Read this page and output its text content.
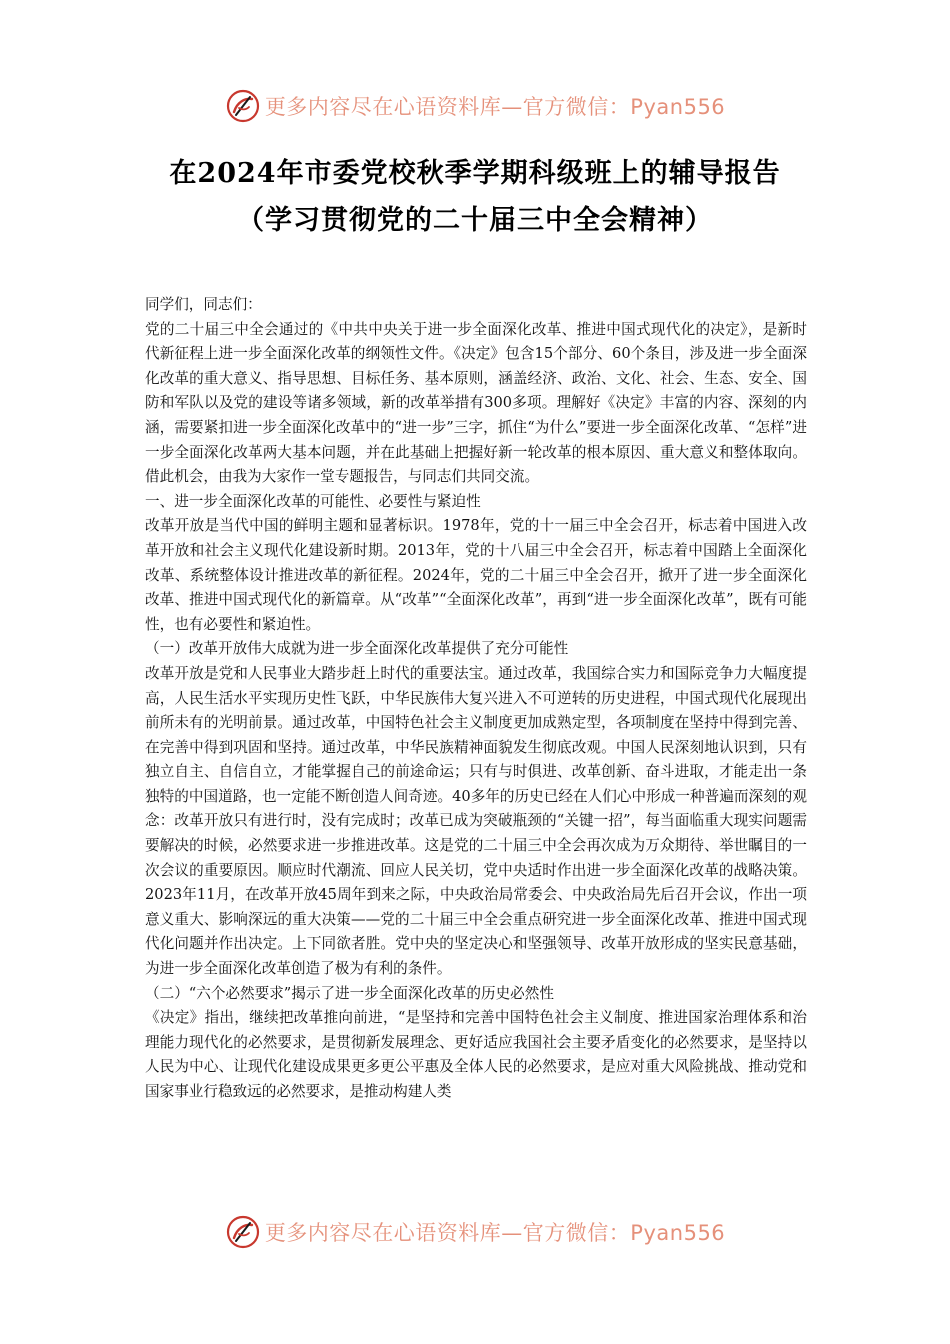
更多内容尽在心语资料库—官方微信：Pyan556
在2024年市委党校秋季学期科级班上的辅导报告
（学习贯彻党的二十届三中全会精神）

同学们，同志们：

党的二十届三中全会通过的《中共中央关于进一步全面深化改革、推进中国式现代化的决定》，是新时代新征程上进一步全面深化改革的纲领性文件。《决定》包含15个部分、60个条目，涉及进一步全面深化改革的重大意义、指导思想、目标任务、基本原则，涵盖经济、政治、文化、社会、生态、安全、国防和军队以及党的建设等诸多领域，新的改革举措有300多项。理解好《决定》丰富的内容、深刻的内涵，需要紧扣进一步全面深化改革中的“进一步”三字，抓住“为什么”要进一步全面深化改革、“怎样”进一步全面深化改革两大基本问题，并在此基础上把握好新一轮改革的根本原因、重大意义和整体取向。借此机会，由我为大家作一堂专题报告，与同志们共同交流。

一、进一步全面深化改革的可能性、必要性与紧迫性

改革开放是当代中国的鲜明主题和显著标识。1978年，党的十一届三中全会召开，标志着中国进入改革开放和社会主义现代化建设新时期。2013年，党的十八届三中全会召开，标志着中国踏上全面深化改革、系统整体设计推进改革的新征程。2024年，党的二十届三中全会召开，掀开了进一步全面深化改革、推进中国式现代化的新篇章。从“改革”“全面深化改革”，再到“进一步全面深化改革”，既有可能性，也有必要性和紧迫性。

（一）改革开放伟大成就为进一步全面深化改革提供了充分可能性

改革开放是党和人民事业大踏步赶上时代的重要法宝。通过改革，我国综合实力和国际竞争力大幅度提高，人民生活水平实现历史性飞跃，中华民族伟大复兴进入不可逆转的历史进程，中国式现代化展现出前所未有的光明前景。通过改革，中国特色社会主义制度更加成熟定型，各项制度在坚持中得到完善、在完善中得到巩固和坚持。通过改革，中华民族精神面貌发生彻底改观。中国人民深刻地认识到，只有独立自主、自信自立，才能掌握自己的前途命运；只有与时俱进、改革创新、奋斗进取，才能走出一条独特的中国道路，也一定能不断创造人间奇迹。40多年的历史已经在人们心中形成一种普遍而深刻的观念：改革开放只有进行时，没有完成时；改革已成为突破瓶颈的“关键一招”，每当面临重大现实问题需要解决的时候，必然要求进一步推进改革。这是党的二十届三中全会再次成为万众期待、举世瞩目的一次会议的重要原因。顺应时代潮流、回应人民关切，党中央适时作出进一步全面深化改革的战略决策。2023年11月，在改革开放45周年到来之际，中央政治局常委会、中央政治局先后召开会议，作出一项意义重大、影响深远的重大决策——党的二十届三中全会重点研究进一步全面深化改革、推进中国式现代化问题并作出决定。上下同欲者胜。党中央的坚定决心和坚强领导、改革开放形成的坚实民意基础，为进一步全面深化改革创造了极为有利的条件。

（二）“六个必然要求”揭示了进一步全面深化改革的历史必然性

《决定》指出，继续把改革推向前进，“是坚持和完善中国特色社会主义制度、推进国家治理体系和治理能力现代化的必然要求，是贯彻新发展理念、更好适应我国社会主要矛盾变化的必然要求，是坚持以人民为中心、让现代化建设成果更多更公平惠及全体人民的必然要求，是应对重大风险挑战、推动党和国家事业行稳致远的必然要求，是推动构建人类

更多内容尽在心语资料库—官方微信：Pyan556
